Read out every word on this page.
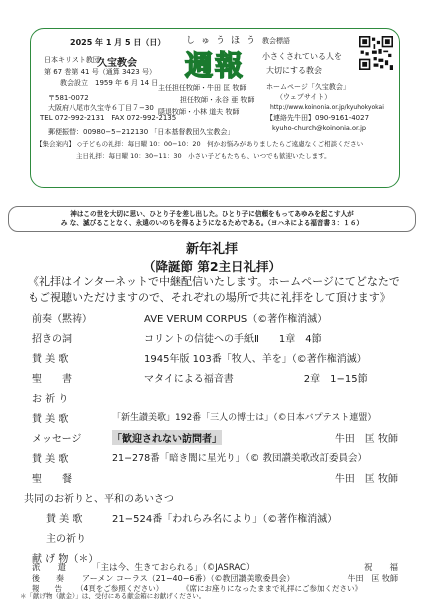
2025 年 1 月 5 日（日） しゅうほう
週報
教会標語
小さくされている人を
大切にする教会
日本キリスト教団
久宝教会
第 67 巻第 41 号（通算 3423 号）
教会設立　1959 年 6 月 14 日
〒581-0072
大阪府八尾市久宝寺６丁目７−30
TEL 072-992-2131　FAX 072-992-2135
主任担任牧師・牛田 匡 牧師
担任牧師・永谷 亜 牧師
隠退牧師・小林 道夫 牧師
ホームページ「久宝教会」
（ウェブサイト）
http://www.koinonia.or.jp/kyuhokyokai
【連絡先牛田】090-9161-4027
kyuho-church@koinonia.or.jp
郵便振替：00980−5−212130 「日本基督教団久宝教会」
【集会案内】 ◇子どもの礼拝：毎日曜 10：00−10：20　何かお悩みがありましたらご遠慮なくご相談ください
主日礼拝：毎日曜 10：30−11：30　小さい子どもたちも、いつでも歓迎いたします。
神はこの世を大切に思い、ひとり子を差し出した。ひとり子に信頼をもってあゆみを起こす人が
み な、滅びることなく、永遠のいのちを得るようになるためである。（ヨハネによる福音書３：１６）
新年礼拝
（降誕節 第2主日礼拝）
《礼拝はインターネットで中継配信いたします。ホームページにてどなたで
もご視聴いただけますので、それぞれの場所で共に礼拝をして頂けます》
前奏（黙祷）	AVE VERUM CORPUS（©著作権消滅）
招きの詞	コリントの信徒への手紙Ⅱ　　1章　4節
賛 美 歌	1945年版 103番「牧人、羊を」（©著作権消滅）
聖　　書	マタイによる福音書　　　　　　　2章　1−15節
お 祈 り
賛 美 歌	「新生讃美歌」192番「三人の博士は」（©日本バプテスト連盟）
メッセージ	「歓迎されない訪問者」	牛田　匡 牧師
賛 美 歌	21−278番「暗き闇に星光り」（© 教団讃美歌改訂委員会）
聖　　餐	牛田　匡 牧師
共同のお祈りと、平和のあいさつ
賛 美 歌	21−524番「われらみ名により」（©著作権消滅）
主の祈り
献 げ 物（＊）
派　　遣	「主は今、生きておられる」（©JASRAC）	祝　　福
後　　奏 アーメン コーラス（21−40−6番）（©教団讃美歌委員会）	牛田　匡 牧師
報　　告 （4頁をご参照ください） 《席にお座りになったままで礼拝にご参加ください》
＊「献げ物（献金）」は、受付にある献金箱にお献げください。
